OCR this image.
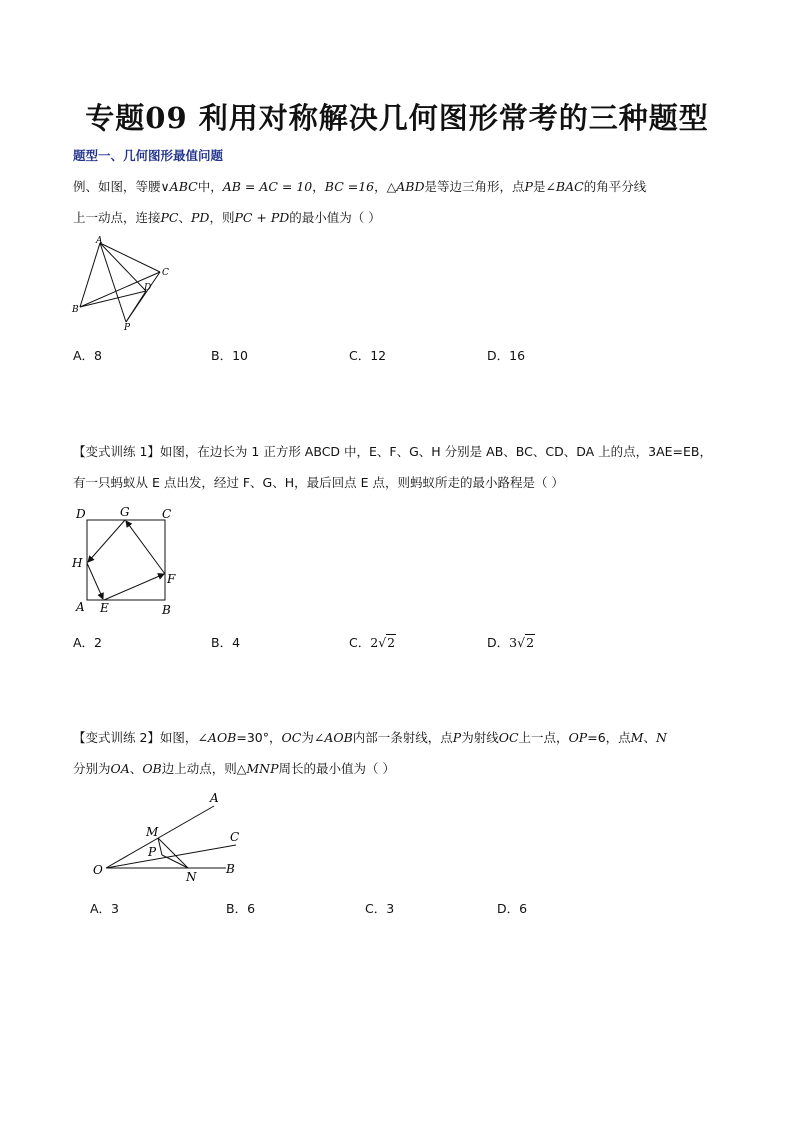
专题09 利用对称解决几何图形常考的三种题型
题型一、几何图形最值问题
例、如图，等腰∨ABC中，AB = AC = 10，BC =16，△ABD是等边三角形，点P是∠BAC的角平分线
上一动点，连接PC、PD，则PC + PD的最小值为（ ）
A
B
C
D
P
A．8	B．10	C．12	D．16
【变式训练 1】如图，在边长为 1 正方形 ABCD 中，E、F、G、H 分别是 AB、BC、CD、DA 上的点，3AE=EB，
有一只蚂蚁从 E 点出发，经过 F、G、H，最后回点 E 点，则蚂蚁所走的最小路程是（ ）
D	G	C
H
F
A E	B
A．2	B．4	C．2√2	D．3√2
【变式训练 2】如图，∠AOB=30°，OC为∠AOB内部一条射线，点P为射线OC上一点，OP=6，点M、N
分别为OA、OB边上动点，则△MNP周长的最小值为（ ）
A
C
B
M
P
N
O
A．3	B．6	C．3	D．6
